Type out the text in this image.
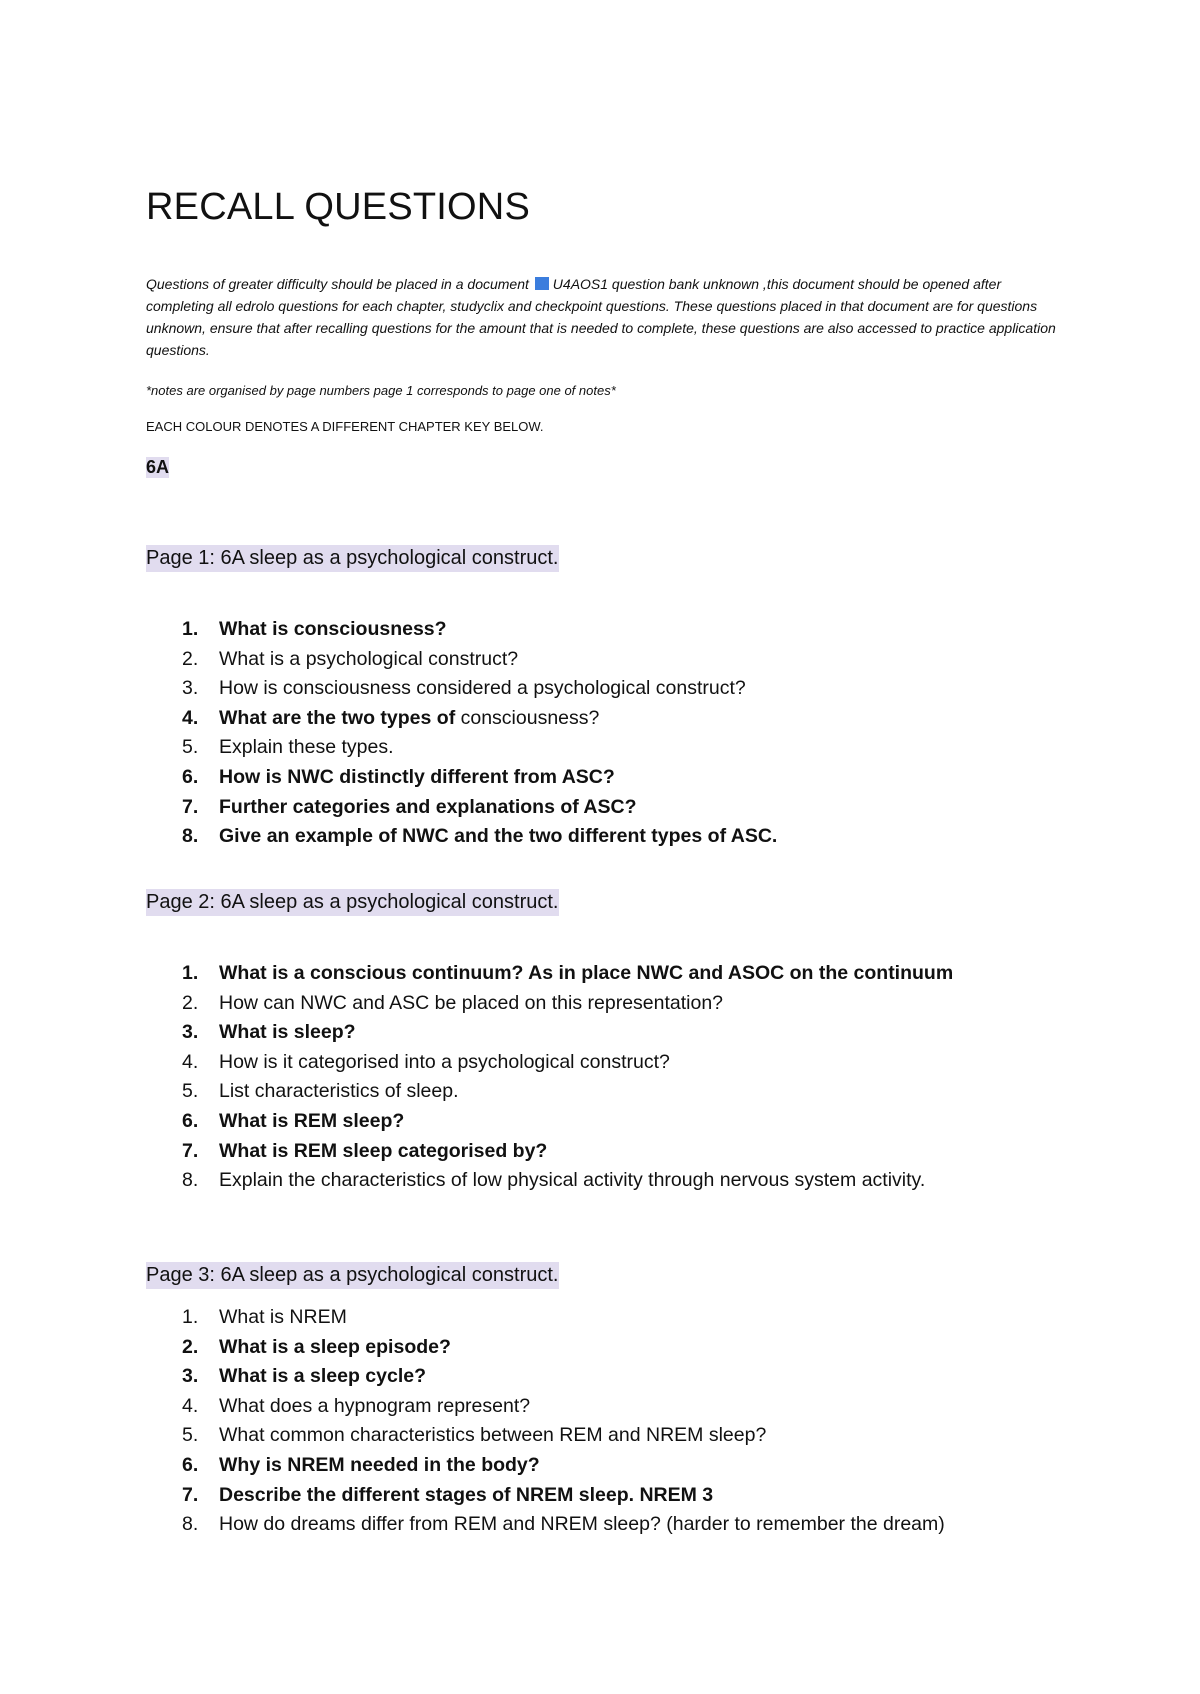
RECALL QUESTIONS

Questions of greater difficulty should be placed in a document U4AOS1 question bank unknown ,this document should be opened after completing all edrolo questions for each chapter, studyclix and checkpoint questions. These questions placed in that document are for questions unknown, ensure that after recalling questions for the amount that is needed to complete, these questions are also accessed to practice application questions.

*notes are organised by page numbers page 1 corresponds to page one of notes*

EACH COLOUR DENOTES A DIFFERENT CHAPTER KEY BELOW.

6A

Page 1: 6A sleep as a psychological construct.

1.	What is consciousness?
2.	What is a psychological construct?
3.	How is consciousness considered a psychological construct?
4.	What are the two types of consciousness?
5.	Explain these types.
6.	How is NWC distinctly different from ASC?
7.	Further categories and explanations of ASC?
8.	Give an example of NWC and the two different types of ASC.

Page 2: 6A sleep as a psychological construct.

1.	What is a conscious continuum? As in place NWC and ASOC on the continuum
2.	How can NWC and ASC be placed on this representation?
3.	What is sleep?
4.	How is it categorised into a psychological construct?
5.	List characteristics of sleep.
6.	What is REM sleep?
7.	What is REM sleep categorised by?
8.	Explain the characteristics of low physical activity through nervous system activity.

Page 3: 6A sleep as a psychological construct.

1.	What is NREM
2.	What is a sleep episode?
3.	What is a sleep cycle?
4.	What does a hypnogram represent?
5.	What common characteristics between REM and NREM sleep?
6.	Why is NREM needed in the body?
7.	Describe the different stages of NREM sleep. NREM 3
8.	How do dreams differ from REM and NREM sleep? (harder to remember the dream)
